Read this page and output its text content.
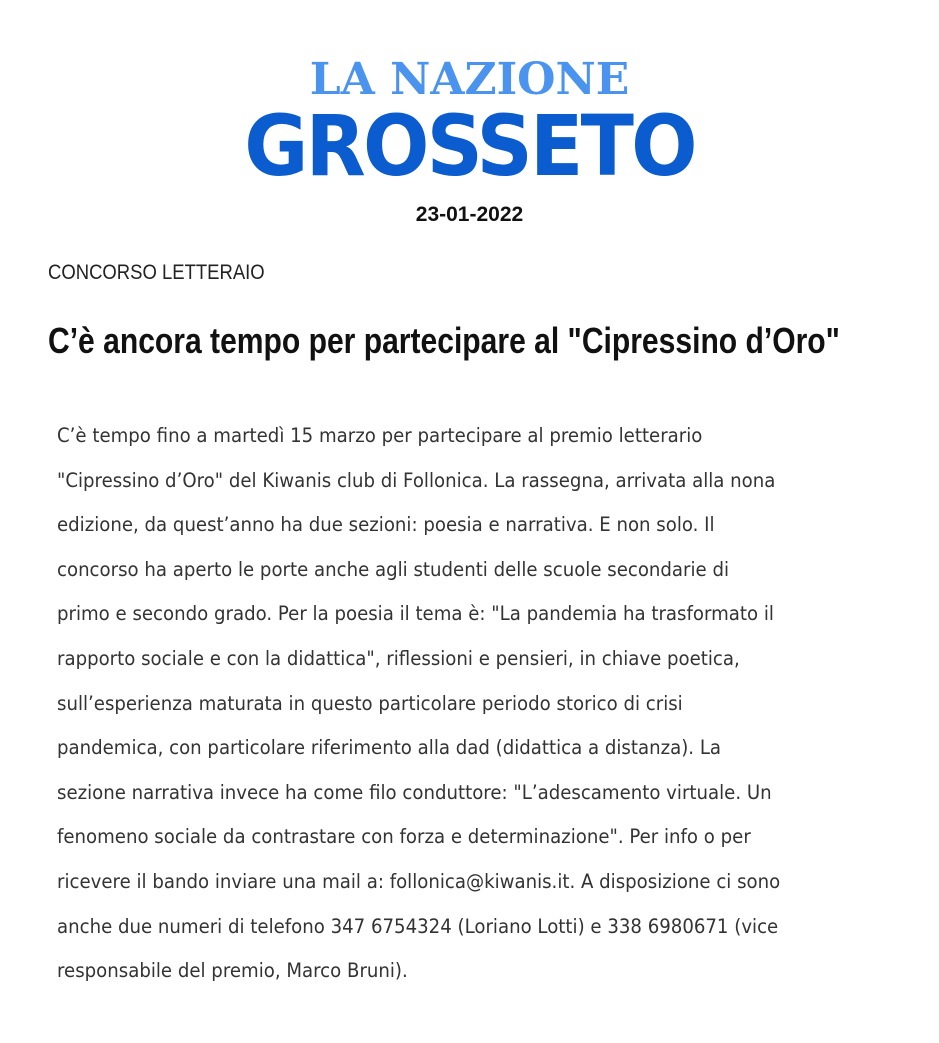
LA NAZIONE
GROSSETO
23-01-2022
CONCORSO LETTERAIO
C’è ancora tempo per partecipare al "Cipressino d’Oro"
C’è tempo fino a martedì 15 marzo per partecipare al premio letterario
"Cipressino d’Oro" del Kiwanis club di Follonica. La rassegna, arrivata alla nona
edizione, da quest’anno ha due sezioni: poesia e narrativa. E non solo. Il
concorso ha aperto le porte anche agli studenti delle scuole secondarie di
primo e secondo grado. Per la poesia il tema è: "La pandemia ha trasformato il
rapporto sociale e con la didattica", riflessioni e pensieri, in chiave poetica,
sull’esperienza maturata in questo particolare periodo storico di crisi
pandemica, con particolare riferimento alla dad (didattica a distanza). La
sezione narrativa invece ha come filo conduttore: "L’adescamento virtuale. Un
fenomeno sociale da contrastare con forza e determinazione". Per info o per
ricevere il bando inviare una mail a: follonica@kiwanis.it. A disposizione ci sono
anche due numeri di telefono 347 6754324 (Loriano Lotti) e 338 6980671 (vice
responsabile del premio, Marco Bruni).
